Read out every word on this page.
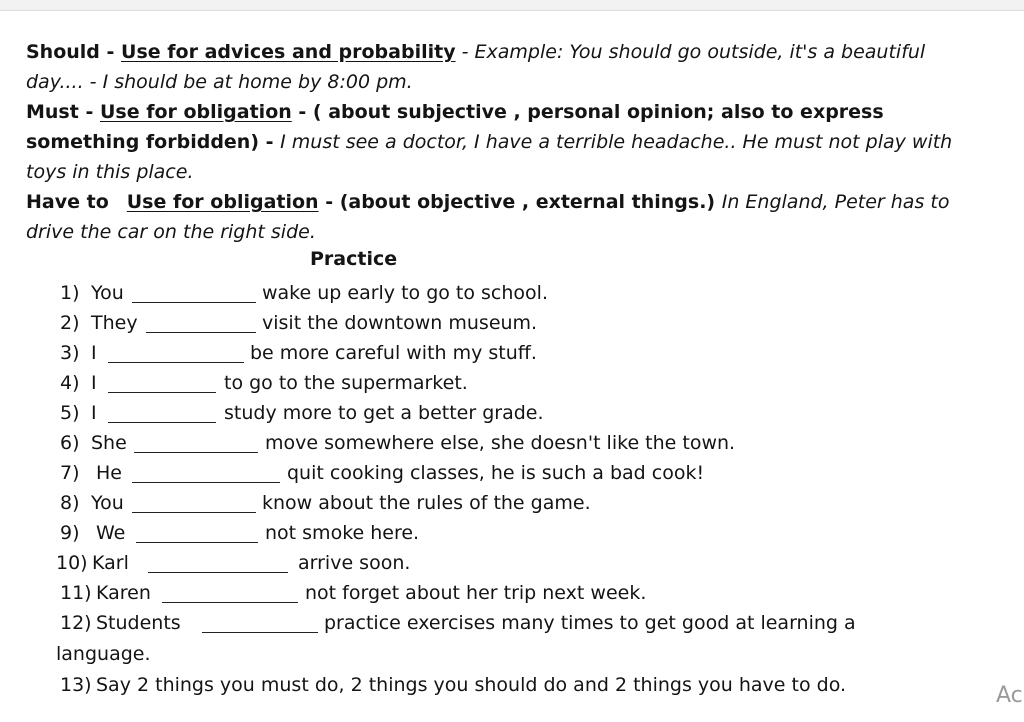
Should - Use for advices and probability - Example: You should go outside, it's a beautiful day.... - I should be at home by 8:00 pm.

Must - Use for obligation - ( about subjective , personal opinion; also to express something forbidden) - I must see a doctor, I have a terrible headache.. He must not play with toys in this place.

Have to Use for obligation - (about objective , external things.) In England, Peter has to drive the car on the right side.

Practice
1) You	wake up early to go to school.
2) They	visit the downtown museum.
3) I	be more careful with my stuff.
4) I	to go to the supermarket.
5) I	study more to get a better grade.
6) She	move somewhere else, she doesn't like the town.
7) He	quit cooking classes, he is such a bad cook!
8) You	know about the rules of the game.
9) We	not smoke here.
10) Karl	arrive soon.
11) Karen	not forget about her trip next week.
12) Students	practice exercises many times to get good at learning a
language.
13) Say 2 things you must do, 2 things you should do and 2 things you have to do.	Ac
